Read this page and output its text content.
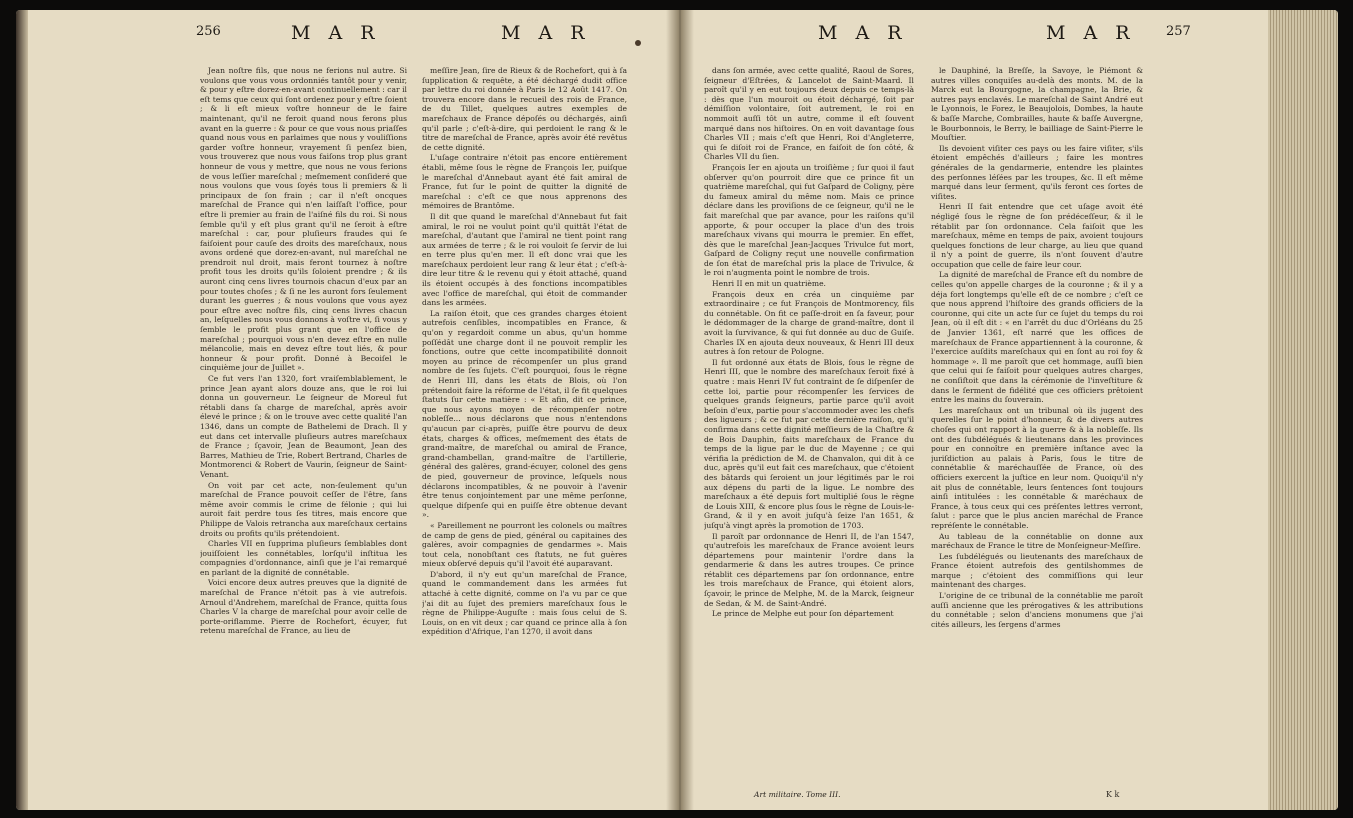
256	M A R	M A R

Jean noſtre fils, que nous ne ferions nul autre. Si voulons que vous vous ordonniés tantôt pour y venir, & pour y eſtre dorez-en-avant continuellement : car il eſt tems que ceux qui ſont ordenez pour y eſtre ſoient ; & li eſt mieux voſtre honneur de le faire maintenant, qu'il ne feroit quand nous ferons plus avant en la guerre : & pour ce que vous nous priaſſes quand nous vous en parlaimes que nous y vouliſſions garder voſtre honneur, vrayement ſi penſez bien, vous trouverez que nous vous faiſons trop plus grant honneur de vous y mettre, que nous ne vous ferions de vous leſſier mareſchal ; meſmement conſideré que nous voulons que vous ſoyés tous li premiers & li principaux de ſon frain ; car il n'eſt oncques mareſchal de France qui n'en laiſſaſt l'office, pour eſtre li premier au frain de l'aiſné fils du roi. Si nous ſemble qu'il y eſt plus grant qu'il ne ſeroit à eſtre mareſchal : car, pour pluſieurs fraudes qui ſe faiſoient pour cauſe des droits des mareſchaux, nous avons ordené que dorez-en-avant, nul mareſchal ne prendroit nul droit, mais feront tournez à noſtre profit tous les droits qu'ils ſoloient prendre ; & ils auront cinq cens livres tournois chacun d'eux par an pour toutes choſes ; & ſi ne les auront fors ſeulement durant les guerres ; & nous voulons que vous ayez pour eſtre avec noſtre fils, cinq cens livres chacun an, leſquelles nous vous donnons à voſtre vi, ſi vous y ſemble le profit plus grant que en l'office de mareſchal ; pourquoi vous n'en devez eſtre en nulle mélancolie, mais en devez eſtre tout liés, & pour honneur & pour profit. Donné à Becoiſel le cinquième jour de Juillet ».

Ce fut vers l'an 1320, fort vraiſemblablement, le prince Jean ayant alors douze ans, que le roi lui donna un gouverneur. Le ſeigneur de Moreul fut rétabli dans ſa charge de mareſchal, après avoir élevé le prince ; & on le trouve avec cette qualité l'an 1346, dans un compte de Bathelemi de Drach. Il y eut dans cet intervalle pluſieurs autres mareſchaux de France ; ſçavoir, Jean de Beaumont, Jean des Barres, Mathieu de Trie, Robert Bertrand, Charles de Montmorenci & Robert de Vaurin, ſeigneur de Saint-Venant.

On voit par cet acte, non-ſeulement qu'un mareſchal de France pouvoit ceſſer de l'être, ſans même avoir commis le crime de félonie ; qui lui auroit fait perdre tous ſes titres, mais encore que Philippe de Valois retrancha aux mareſchaux certains droits ou profits qu'ils prétendoient.

Charles VII en ſupprima pluſieurs ſemblables dont jouiſſoient les connétables, lorſqu'il inſtitua les compagnies d'ordonnance, ainſi que je l'ai remarqué en parlant de la dignité de connétable.

Voici encore deux autres preuves que la dignité de mareſchal de France n'étoit pas à vie autrefois. Arnoul d'Andrehem, mareſchal de France, quitta ſous Charles V la charge de mareſchal pour avoir celle de porte-oriflamme. Pierre de Rochefort, écuyer, fut retenu mareſchal de France, au lieu de

meſſire Jean, ſire de Rieux & de Rochefort, qui à ſa ſupplication & requête, a été déchargé dudit office par lettre du roi donnée à Paris le 12 Août 1417. On trouvera encore dans le recueil des rois de France, de du Tillet, quelques autres exemples de mareſchaux de France dépoſés ou déchargés, ainſi qu'il parle ; c'eſt-à-dire, qui perdoient le rang & le titre de mareſchal de France, après avoir été revêtus de cette dignité.

L'uſage contraire n'étoit pas encore entièrement établi, même ſous le règne de François Ier, puiſque le mareſchal d'Annebaut ayant été fait amiral de France, fut ſur le point de quitter la dignité de mareſchal : c'eſt ce que nous apprenons des mémoires de Brantôme.

Il dit que quand le mareſchal d'Annebaut fut fait amiral, le roi ne voulut point qu'il quittât l'état de mareſchal, d'autant que l'amiral ne tient point rang aux armées de terre ; & le roi vouloit ſe ſervir de lui en terre plus qu'en mer. Il eſt donc vrai que les mareſchaux perdoient leur rang & leur état ; c'eſt-à-dire leur titre & le revenu qui y étoit attaché, quand ils étoient occupés à des fonctions incompatibles avec l'office de mareſchal, qui étoit de commander dans les armées.

La raiſon étoit, que ces grandes charges étoient autrefois cenſibles, incompatibles en France, & qu'on y regardoit comme un abus, qu'un homme poſſédât une charge dont il ne pouvoit remplir les fonctions, outre que cette incompatibilité donnoit moyen au prince de récompenſer un plus grand nombre de ſes ſujets. C'eſt pourquoi, ſous le règne de Henri III, dans les états de Blois, où l'on prétendoit faire la réforme de l'état, il ſe fit quelques ſtatuts ſur cette matière : « Et afin, dit ce prince, que nous ayons moyen de récompenſer notre nobleſſe... nous déclarons que nous n'entendons qu'aucun par ci-après, puiſſe être pourvu de deux états, charges & offices, meſmement des états de grand-maître, de mareſchal ou amiral de France, grand-chambellan, grand-maître de l'artillerie, général des galères, grand-écuyer, colonel des gens de pied, gouverneur de province, leſquels nous déclarons incompatibles, & ne pouvoir à l'avenir être tenus conjointement par une même perſonne, quelque diſpenſe qui en puiſſe être obtenue devant ».

« Pareillement ne pourront les colonels ou maîtres de camp de gens de pied, général ou capitaines des galères, avoir compagnies de gendarmes ». Mais tout cela, nonobſtant ces ſtatuts, ne fut guères mieux obſervé depuis qu'il l'avoit été auparavant.

D'abord, il n'y eut qu'un mareſchal de France, quand le commandement dans les armées fut attaché à cette dignité, comme on l'a vu par ce que j'ai dit au ſujet des premiers mareſchaux ſous le règne de Philippe-Auguſte : mais ſous celui de S. Louis, on en vit deux ; car quand ce prince alla à ſon expédition d'Afrique, l'an 1270, il avoit dans

M A R	M A R 257

dans ſon armée, avec cette qualité, Raoul de Sores, ſeigneur d'Eſtrées, & Lancelot de Saint-Maard. Il paroît qu'il y en eut toujours deux depuis ce temps-là : dès que l'un mouroit ou étoit déchargé, ſoit par démiſſion volontaire, ſoit autrement, le roi en nommoit auſſi tôt un autre, comme il eſt ſouvent marqué dans nos hiſtoires. On en voit davantage ſous Charles VII ; mais c'eſt que Henri, Roi d'Angleterre, qui ſe diſoit roi de France, en faiſoit de ſon côté, & Charles VII du ſien.

François Ier en ajouta un troiſième ; ſur quoi il faut obſerver qu'on pourroit dire que ce prince fit un quatrième mareſchal, qui fut Gaſpard de Coligny, père du fameux amiral du même nom. Mais ce prince déclare dans les proviſions de ce ſeigneur, qu'il ne le fait mareſchal que par avance, pour les raiſons qu'il apporte, & pour occuper la place d'un des trois mareſchaux vivans qui mourra le premier. En effet, dès que le mareſchal Jean-Jacques Trivulce fut mort, Gaſpard de Coligny reçut une nouvelle confirmation de ſon état de mareſchal pris la place de Trivulce, & le roi n'augmenta point le nombre de trois.

Henri II en mit un quatrième.

François deux en créa un cinquième par extraordinaire ; ce fut François de Montmorency, fils du connétable. On fit ce paſſe-droit en ſa faveur, pour le dédommager de la charge de grand-maître, dont il avoit la ſurvivance, & qui fut donnée au duc de Guiſe. Charles IX en ajouta deux nouveaux, & Henri III deux autres à ſon retour de Pologne.

Il fut ordonné aux états de Blois, ſous le règne de Henri III, que le nombre des mareſchaux ſeroit fixé à quatre : mais Henri IV fut contraint de ſe diſpenſer de cette loi, partie pour récompenſer les ſervices de quelques grands ſeigneurs, partie parce qu'il avoit beſoin d'eux, partie pour s'accommoder avec les chefs des ligueurs ; & ce fut par cette dernière raiſon, qu'il conſirma dans cette dignité meſſieurs de la Chaſtre & de Bois Dauphin, faits mareſchaux de France du temps de la ligue par le duc de Mayenne ; ce qui vérifia la prédiction de M. de Chanvalon, qui dit à ce duc, après qu'il eut fait ces mareſchaux, que c'étoient des bâtards qui ſeroient un jour légitimés par le roi aux dépens du parti de la ligue. Le nombre des mareſchaux a été depuis fort multiplié ſous le règne de Louis XIII, & encore plus ſous le règne de Louis-le-Grand, & il y en avoit juſqu'à ſeize l'an 1651, & juſqu'à vingt après la promotion de 1703.

Il paroît par ordonnance de Henri II, de l'an 1547, qu'autrefois les mareſchaux de France avoient leurs départemens pour maintenir l'ordre dans la gendarmerie & dans les autres troupes. Ce prince rétablit ces départemens par ſon ordonnance, entre les trois mareſchaux de France, qui étoient alors, ſçavoir, le prince de Melphe, M. de la Marck, ſeigneur de Sedan, & M. de Saint-André.

Le prince de Melphe eut pour ſon département

le Dauphiné, la Breſſe, la Savoye, le Piémont & autres villes conquiſes au-delà des monts. M. de la Marck eut la Bourgogne, la champagne, la Brie, & autres pays enclavés. Le mareſchal de Saint André eut le Lyonnois, le Forez, le Beaujolois, Dombes, la haute & baſſe Marche, Combrailles, haute & baſſe Auvergne, le Bourbonnois, le Berry, le bailliage de Saint-Pierre le Mouſtier.

Ils devoient viſiter ces pays ou les faire viſiter, s'ils étoient empêchés d'ailleurs ; faire les montres générales de la gendarmerie, entendre les plaintes des perſonnes léſées par les troupes, &c. Il eſt même marqué dans leur ſerment, qu'ils feront ces ſortes de viſites.

Henri II fait entendre que cet uſage avoit été négligé ſous le règne de ſon prédéceſſeur, & il le rétablit par ſon ordonnance. Cela faiſoit que les mareſchaux, même en temps de paix, avoient toujours quelques fonctions de leur charge, au lieu que quand il n'y a point de guerre, ils n'ont ſouvent d'autre occupation que celle de faire leur cour.

La dignité de mareſchal de France eſt du nombre de celles qu'on appelle charges de la couronne ; & il y a déja fort longtemps qu'elle eſt de ce nombre ; c'eſt ce que nous apprend l'hiſtoire des grands officiers de la couronne, qui cite un acte ſur ce ſujet du temps du roi Jean, où il eſt dit : « en l'arrêt du duc d'Orléans du 25 de Janvier 1361, eſt narré que les offices de mareſchaux de France appartiennent à la couronne, & l'exercice auſdits mareſchaux qui en ſont au roi foy & hommage ». Il me paroît que cet hommage, auſſi bien que celui qui ſe faiſoit pour quelques autres charges, ne conſiſtoit que dans la cérémonie de l'inveſtiture & dans le ſerment de fidélité que ces officiers prêtoient entre les mains du ſouverain.

Les mareſchaux ont un tribunal où ils jugent des querelles ſur le point d'honneur, & de divers autres choſes qui ont rapport à la guerre & à la nobleſſe. Ils ont des ſubdélégués & lieutenans dans les provinces pour en connoître en première inſtance avec la juriſdiction au palais à Paris, ſous le titre de connétablie & maréchauſſée de France, où des officiers exercent la juſtice en leur nom. Quoiqu'il n'y ait plus de connétable, leurs ſentences ſont toujours ainſi intitulées : les connétable & maréchaux de France, à tous ceux qui ces préſentes lettres verront, ſalut : parce que le plus ancien maréchal de France repréſente le connétable.

Au tableau de la connétablie on donne aux maréchaux de France le titre de Monſeigneur-Meſſire.

Les ſubdélégués ou lieutenants des mareſchaux de France étoient autrefois des gentilshommes de marque ; c'étoient des commiſſions qui leur maintenant des charges.

L'origine de ce tribunal de la connétablie me paroît auſſi ancienne que les prérogatives & les attributions du connétable ; selon d'anciens monumens que j'ai cités ailleurs, les ſergens d'armes

Art militaire. Tome III.	K k
